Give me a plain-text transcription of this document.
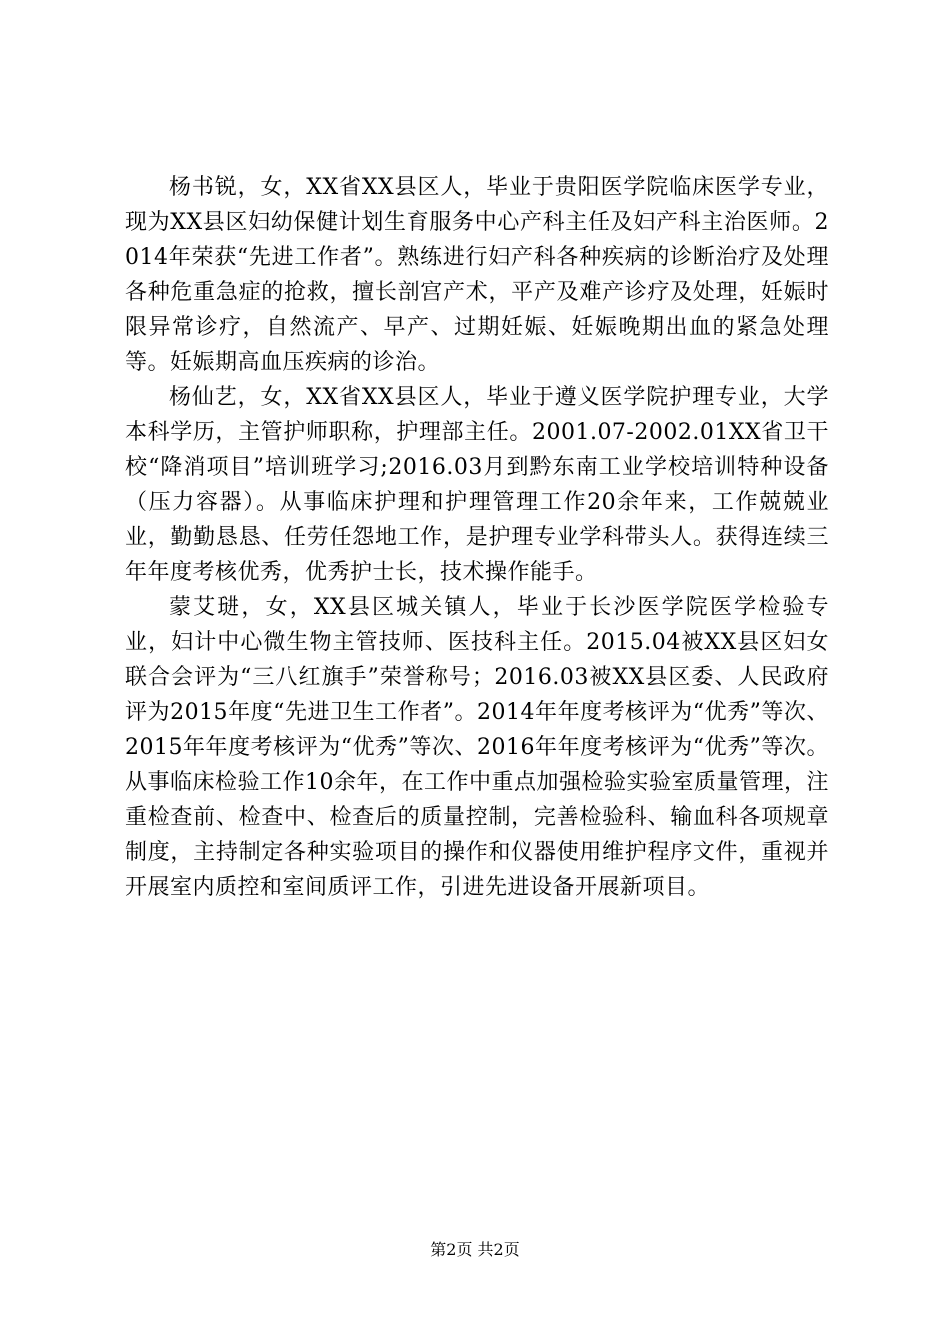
杨书锐，女，XX省XX县区人，毕业于贵阳医学院临床医学专业，现为XX县区妇幼保健计划生育服务中心产科主任及妇产科主治医师。2014年荣获“先进工作者”。熟练进行妇产科各种疾病的诊断治疗及处理各种危重急症的抢救，擅长剖宫产术，平产及难产诊疗及处理，妊娠时限异常诊疗，自然流产、早产、过期妊娠、妊娠晚期出血的紧急处理等。妊娠期高血压疾病的诊治。

杨仙艺，女，XX省XX县区人，毕业于遵义医学院护理专业，大学本科学历，主管护师职称，护理部主任。2001.07-2002.01XX省卫干校“降消项目”培训班学习;2016.03月到黔东南工业学校培训特种设备（压力容器）。从事临床护理和护理管理工作20余年来，工作兢兢业业，勤勤恳恳、任劳任怨地工作，是护理专业学科带头人。获得连续三年年度考核优秀，优秀护士长，技术操作能手。

蒙艾琎，女，XX县区城关镇人，毕业于长沙医学院医学检验专业，妇计中心微生物主管技师、医技科主任。2015.04被XX县区妇女联合会评为“三八红旗手”荣誉称号；2016.03被XX县区委、人民政府评为2015年度“先进卫生工作者”。2014年年度考核评为“优秀”等次、2015年年度考核评为“优秀”等次、2016年年度考核评为“优秀”等次。从事临床检验工作10余年，在工作中重点加强检验实验室质量管理，注重检查前、检查中、检查后的质量控制，完善检验科、输血科各项规章制度，主持制定各种实验项目的操作和仪器使用维护程序文件，重视并开展室内质控和室间质评工作，引进先进设备开展新项目。

第2页 共2页
